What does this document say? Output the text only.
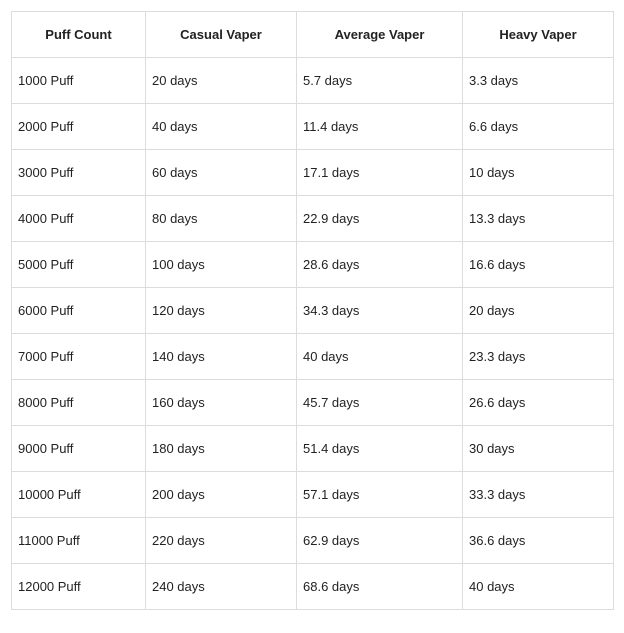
Puff Count	Casual Vaper	Average Vaper	Heavy Vaper
1000 Puff	20 days	5.7 days	3.3 days
2000 Puff	40 days	11.4 days	6.6 days
3000 Puff	60 days	17.1 days	10 days
4000 Puff	80 days	22.9 days	13.3 days
5000 Puff	100 days	28.6 days	16.6 days
6000 Puff	120 days	34.3 days	20 days
7000 Puff	140 days	40 days	23.3 days
8000 Puff	160 days	45.7 days	26.6 days
9000 Puff	180 days	51.4 days	30 days
10000 Puff	200 days	57.1 days	33.3 days
11000 Puff	220 days	62.9 days	36.6 days
12000 Puff	240 days	68.6 days	40 days
